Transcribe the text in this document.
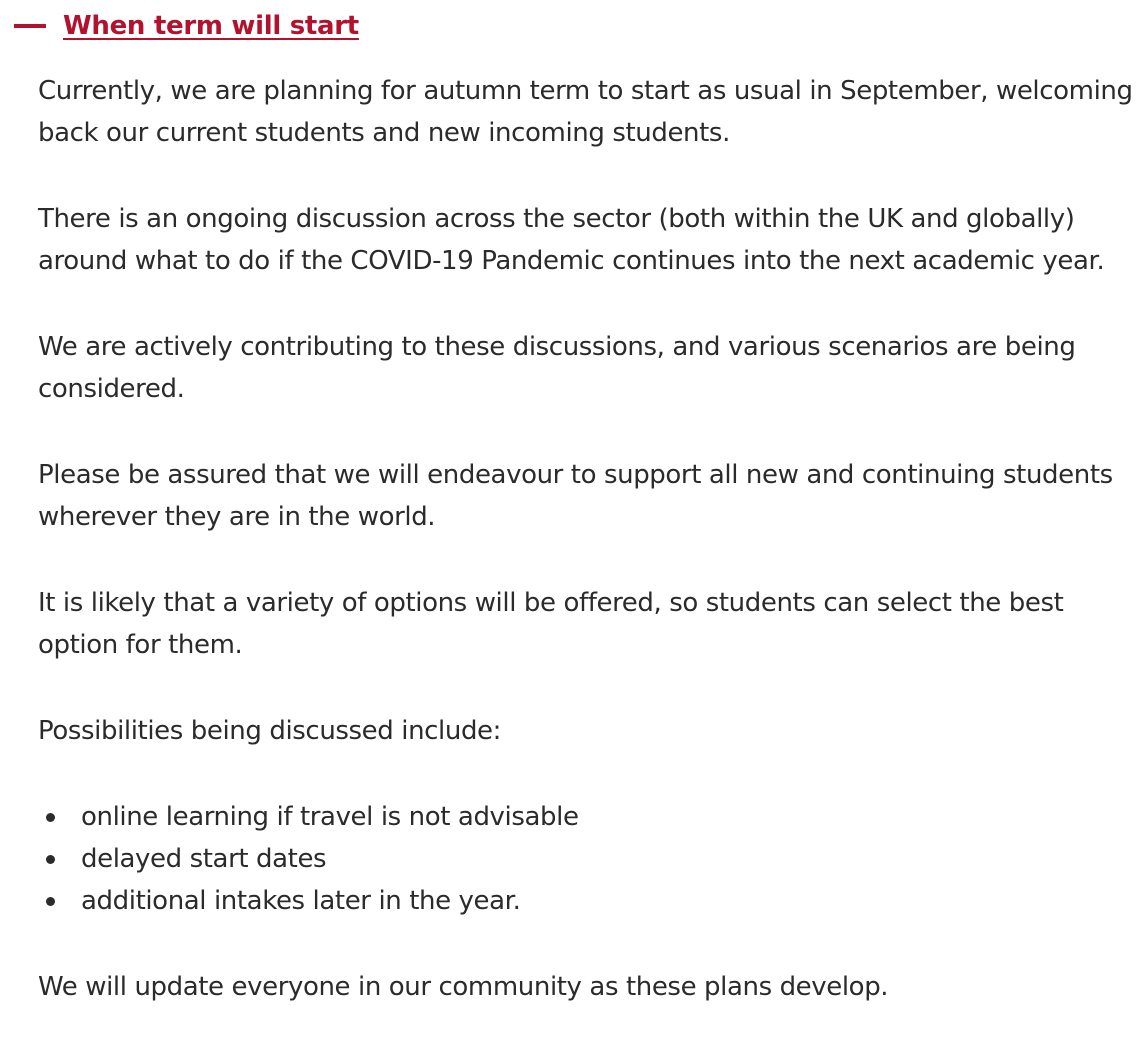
When term will start

Currently, we are planning for autumn term to start as usual in September, welcoming back our current students and new incoming students.

There is an ongoing discussion across the sector (both within the UK and globally) around what to do if the COVID-19 Pandemic continues into the next academic year.

We are actively contributing to these discussions, and various scenarios are being considered.

Please be assured that we will endeavour to support all new and continuing students wherever they are in the world.

It is likely that a variety of options will be offered, so students can select the best option for them.

Possibilities being discussed include:

online learning if travel is not advisable
delayed start dates
additional intakes later in the year.

We will update everyone in our community as these plans develop.
